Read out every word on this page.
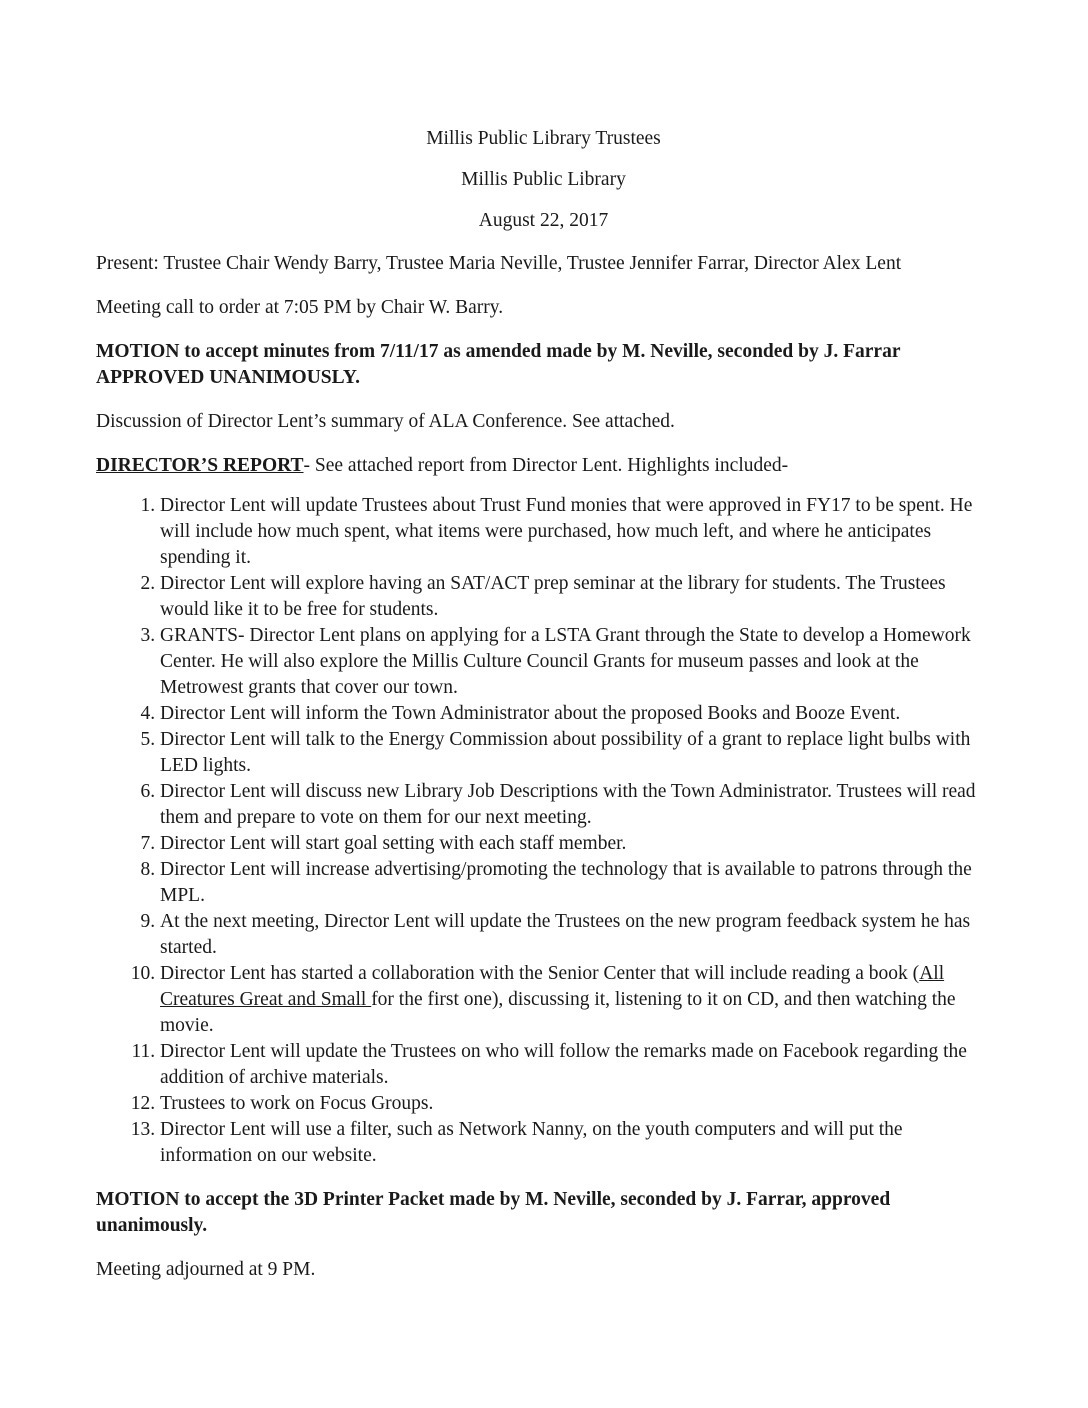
Millis Public Library Trustees
Millis Public Library
August 22, 2017

Present: Trustee Chair Wendy Barry, Trustee Maria Neville, Trustee Jennifer Farrar, Director Alex Lent

Meeting call to order at 7:05 PM by Chair W. Barry.

MOTION to accept minutes from 7/11/17 as amended made by M. Neville, seconded by J. Farrar
APPROVED UNANIMOUSLY.

Discussion of Director Lent’s summary of ALA Conference. See attached.

DIRECTOR’S REPORT- See attached report from Director Lent. Highlights included-

1. Director Lent will update Trustees about Trust Fund monies that were approved in FY17 to be spent. He will include how much spent, what items were purchased, how much left, and where he anticipates spending it.
2. Director Lent will explore having an SAT/ACT prep seminar at the library for students. The Trustees would like it to be free for students.
3. GRANTS- Director Lent plans on applying for a LSTA Grant through the State to develop a Homework Center. He will also explore the Millis Culture Council Grants for museum passes and look at the Metrowest grants that cover our town.
4. Director Lent will inform the Town Administrator about the proposed Books and Booze Event.
5. Director Lent will talk to the Energy Commission about possibility of a grant to replace light bulbs with LED lights.
6. Director Lent will discuss new Library Job Descriptions with the Town Administrator. Trustees will read them and prepare to vote on them for our next meeting.
7. Director Lent will start goal setting with each staff member.
8. Director Lent will increase advertising/promoting the technology that is available to patrons through the MPL.
9. At the next meeting, Director Lent will update the Trustees on the new program feedback system he has started.
10. Director Lent has started a collaboration with the Senior Center that will include reading a book (All Creatures Great and Small for the first one), discussing it, listening to it on CD, and then watching the movie.
11. Director Lent will update the Trustees on who will follow the remarks made on Facebook regarding the addition of archive materials.
12. Trustees to work on Focus Groups.
13. Director Lent will use a filter, such as Network Nanny, on the youth computers and will put the information on our website.

MOTION to accept the 3D Printer Packet made by M. Neville, seconded by J. Farrar, approved unanimously.

Meeting adjourned at 9 PM.
